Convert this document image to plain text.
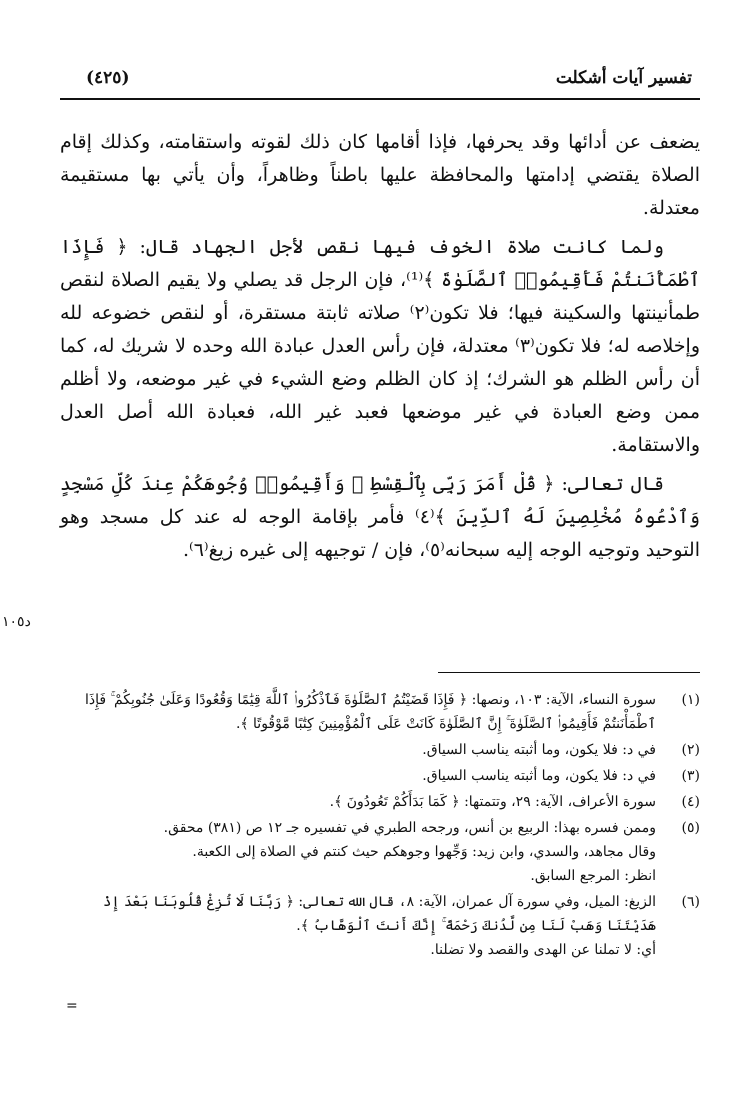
تفسير آيات أشكلت
(٤٢٥)

يضعف عن أدائها وقد يحرفها، فإذا أقامها كان ذلك لقوته واستقامته، وكذلك إقام الصلاة يقتضي إدامتها والمحافظة عليها باطناً وظاهراً، وأن يأتي بها مستقيمة معتدلة.

ولما كانت صلاة الخوف فيها نقص لأجل الجهاد قال: ﴿ فَإِذَا ٱطْمَأْنَنتُمْ فَأَقِيمُوا۟ ٱلصَّلَوٰةَ ﴾⁽¹⁾، فإن الرجل قد يصلي ولا يقيم الصلاة لنقص طمأنينتها والسكينة فيها؛ فلا تكون⁽٢⁾ صلاته ثابتة مستقرة، أو لنقص خضوعه لله وإخلاصه له؛ فلا تكون⁽٣⁾ معتدلة، فإن رأس العدل عبادة الله وحده لا شريك له، كما أن رأس الظلم هو الشرك؛ إذ كان الظلم وضع الشيء في غير موضعه، ولا أظلم ممن وضع العبادة في غير موضعها فعبد غير الله، فعبادة الله أصل العدل والاستقامة.

قال تعالى: ﴿ قُلْ أَمَرَ رَبِّى بِٱلْقِسْطِ ۖ وَأَقِيمُوا۟ وُجُوهَكُمْ عِندَ كُلِّ مَسْجِدٍ وَٱدْعُوهُ مُخْلِصِينَ لَهُ ٱلدِّينَ ﴾⁽٤⁾ فأمر بإقامة الوجه له عند كل مسجد وهو التوحيد وتوجيه الوجه إليه سبحانه⁽٥⁾، فإن / توجيهه إلى غيره زيغ⁽٦⁾.

د١٠٥
(١)
سورة النساء، الآية: ١٠٣، ونصها: ﴿ فَإِذَا قَضَيْتُمُ ٱلصَّلَوٰةَ فَٱذْكُرُوا۟ ٱللَّهَ قِيَٰمًا وَقُعُودًا وَعَلَىٰ جُنُوبِكُمْ ۚ فَإِذَا ٱطْمَأْنَنتُمْ فَأَقِيمُوا۟ ٱلصَّلَوٰةَ ۚ إِنَّ ٱلصَّلَوٰةَ كَانَتْ عَلَى ٱلْمُؤْمِنِينَ كِتَٰبًا مَّوْقُوتًا ﴾.
(٢)
في د: فلا يكون، وما أثبته يناسب السياق.
(٣)
في د: فلا يكون، وما أثبته يناسب السياق.
(٤)
سورة الأعراف، الآية: ٢٩، وتتمتها: ﴿ كَمَا بَدَأَكُمْ تَعُودُونَ ﴾.
(٥)
وممن فسره بهذا: الربيع بن أنس، ورجحه الطبري في تفسيره جـ ١٢ ص (٣٨١) محقق.
وقال مجاهد، والسدي، وابن زيد: وَجِّهوا وجوهكم حيث كنتم في الصلاة إلى الكعبة.
انظر: المرجع السابق.
(٦)
الزيغ: الميل، وفي سورة آل عمران، الآية: ٨، قال الله تعالى: ﴿ رَبَّنَا لَا تُزِغْ قُلُوبَنَا بَعْدَ إِذْ هَدَيْتَنَا وَهَبْ لَنَا مِن لَّدُنكَ رَحْمَةً ۚ إِنَّكَ أَنتَ ٱلْوَهَّابُ ﴾.
أي: لا تملنا عن الهدى والقصد ولا تضلنا.
=
